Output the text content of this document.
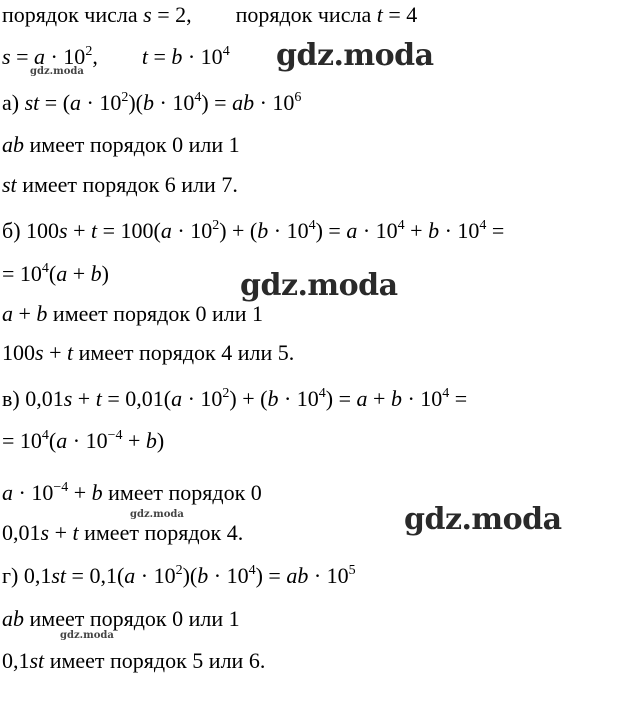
порядок числа s = 2,        порядок числа t = 4
$s = a \cdot 10^2$,        $t = b \cdot 10^4$
а) st = $(a \cdot 10^2)(b \cdot 10^4)$ = ab · $10^6$
ab имеет порядок 0 или 1
st имеет порядок 6 или 7.
б) $100s + t = 100(a \cdot 10^2) + (b \cdot 10^4) = a \cdot 10^4 + b \cdot 10^4$ =
= $10^4(a + b)$
a + b имеет порядок 0 или 1
100s + t имеет порядок 4 или 5.
в) $0,01s + t = 0,01(a \cdot 10^2) + (b \cdot 10^4) = a + b \cdot 10^4$ =
= $10^4(a \cdot 10^{-4} + b)$
$a \cdot 10^{-4} + b$ имеет порядок 0
0,01s + t имеет порядок 4.
г) $0,1st = 0,1(a \cdot 10^2)(b \cdot 10^4)$ = ab · $10^5$
ab имеет порядок 0 или 1
0,1st имеет порядок 5 или 6.
gdz.moda
gdz.moda
gdz.moda
gdz.moda
gdz.moda
gdz.moda
